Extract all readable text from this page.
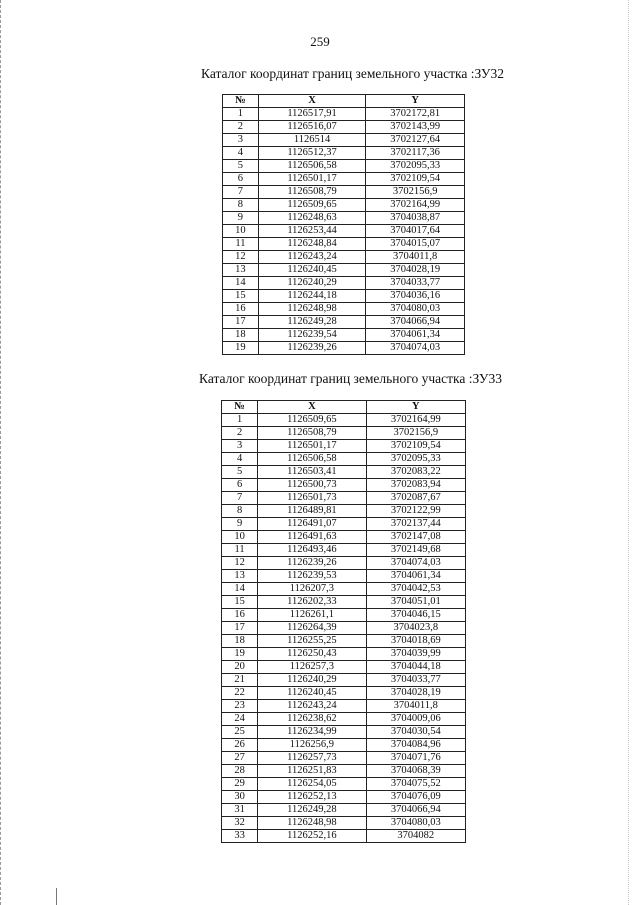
259
Каталог координат границ земельного участка :ЗУ32
№	X	Y
1	1126517,91	3702172,81
2	1126516,07	3702143,99
3	1126514	3702127,64
4	1126512,37	3702117,36
5	1126506,58	3702095,33
6	1126501,17	3702109,54
7	1126508,79	3702156,9
8	1126509,65	3702164,99
9	1126248,63	3704038,87
10	1126253,44	3704017,64
11	1126248,84	3704015,07
12	1126243,24	3704011,8
13	1126240,45	3704028,19
14	1126240,29	3704033,77
15	1126244,18	3704036,16
16	1126248,98	3704080,03
17	1126249,28	3704066,94
18	1126239,54	3704061,34
19	1126239,26	3704074,03
Каталог координат границ земельного участка :ЗУ33
№	X	Y
1	1126509,65	3702164,99
2	1126508,79	3702156,9
3	1126501,17	3702109,54
4	1126506,58	3702095,33
5	1126503,41	3702083,22
6	1126500,73	3702083,94
7	1126501,73	3702087,67
8	1126489,81	3702122,99
9	1126491,07	3702137,44
10	1126491,63	3702147,08
11	1126493,46	3702149,68
12	1126239,26	3704074,03
13	1126239,53	3704061,34
14	1126207,3	3704042,53
15	1126202,33	3704051,01
16	1126261,1	3704046,15
17	1126264,39	3704023,8
18	1126255,25	3704018,69
19	1126250,43	3704039,99
20	1126257,3	3704044,18
21	1126240,29	3704033,77
22	1126240,45	3704028,19
23	1126243,24	3704011,8
24	1126238,62	3704009,06
25	1126234,99	3704030,54
26	1126256,9	3704084,96
27	1126257,73	3704071,76
28	1126251,83	3704068,39
29	1126254,05	3704075,52
30	1126252,13	3704076,09
31	1126249,28	3704066,94
32	1126248,98	3704080,03
33	1126252,16	3704082
